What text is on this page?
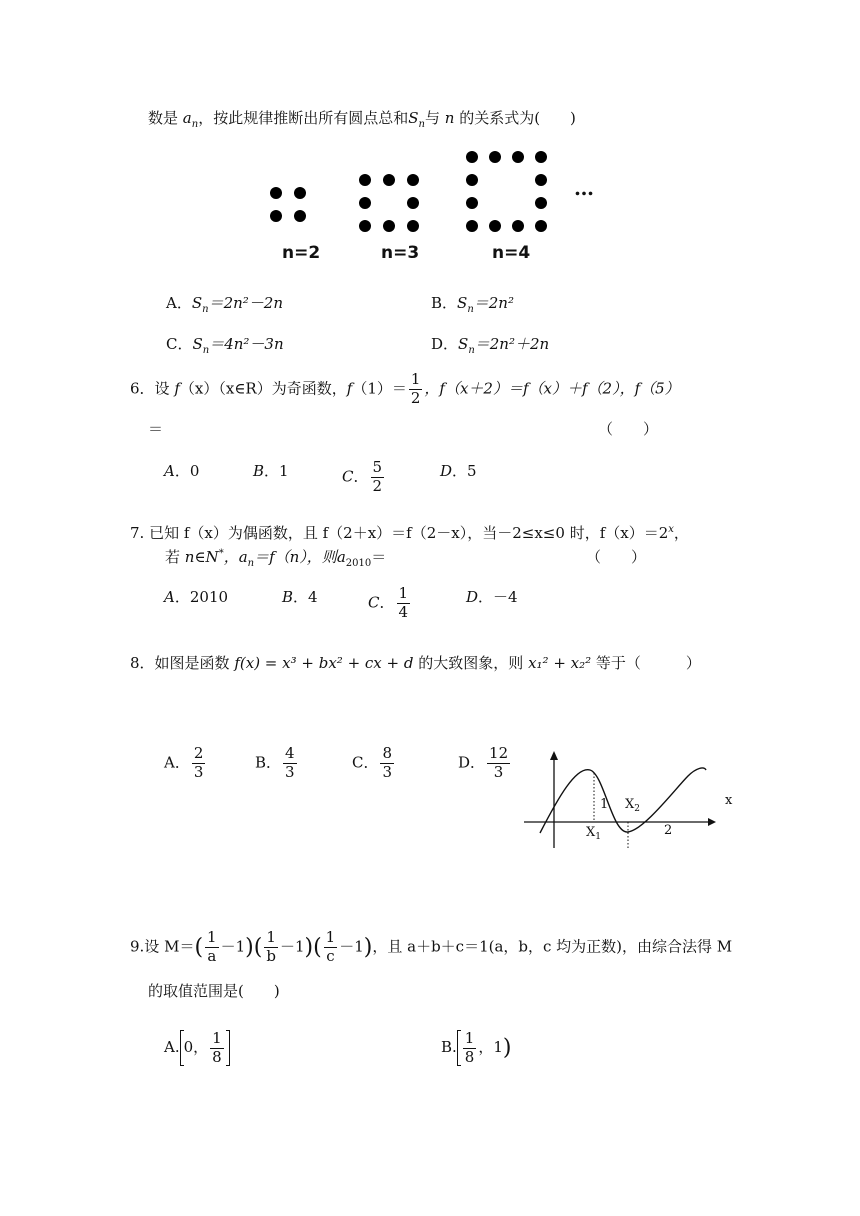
数是 $a_n$，按此规律推断出所有圆点总和$S_n$与 n 的关系式为(　　)
…
n=2	n=3	n=4
A．$S_n=2n^2-2n$	B．$S_n=2n^2$
C．$S_n=4n^2-3n$	D．$S_n=2n^2+2n$
6．设 f（x）（x∈R）为奇函数，$f(1)= \frac{1}{2}$ ，f（x＋2）＝f（x）＋f（2），f（5）
＝	（　　）
A．0	B．1	C． $\frac{5}{2}$	D．5
7. 已知 f（x）为偶函数，且 f（2＋x）＝f（2－x），当－2≤x≤0 时，$f(x)=2^x$，
若 n∈N*，$a_n=f(n)$，则$a_{2010}=$	（　　）
A．2010	B．4	C． $\frac{1}{4}$	D．－4
8．如图是函数 f(x) = x³ + bx² + cx + d 的大致图象，则 x₁² + x₂² 等于（　　　）
A． $\frac{2}{3}$	B． $\frac{4}{3}$	C． $\frac{8}{3}$	D． $\frac{12}{3}$
1 $X_2$
$X_1$	2
x
9.设 $M=( \frac{1}{a} -1)( \frac{1}{b} -1)( \frac{1}{c} -1)$，且 a＋b＋c＝1(a，b，c 均为正数)，由综合法得 M
的取值范围是(　　)
A. 0， $\frac{1}{8}$	B. $\frac{1}{8}$ ，1)
